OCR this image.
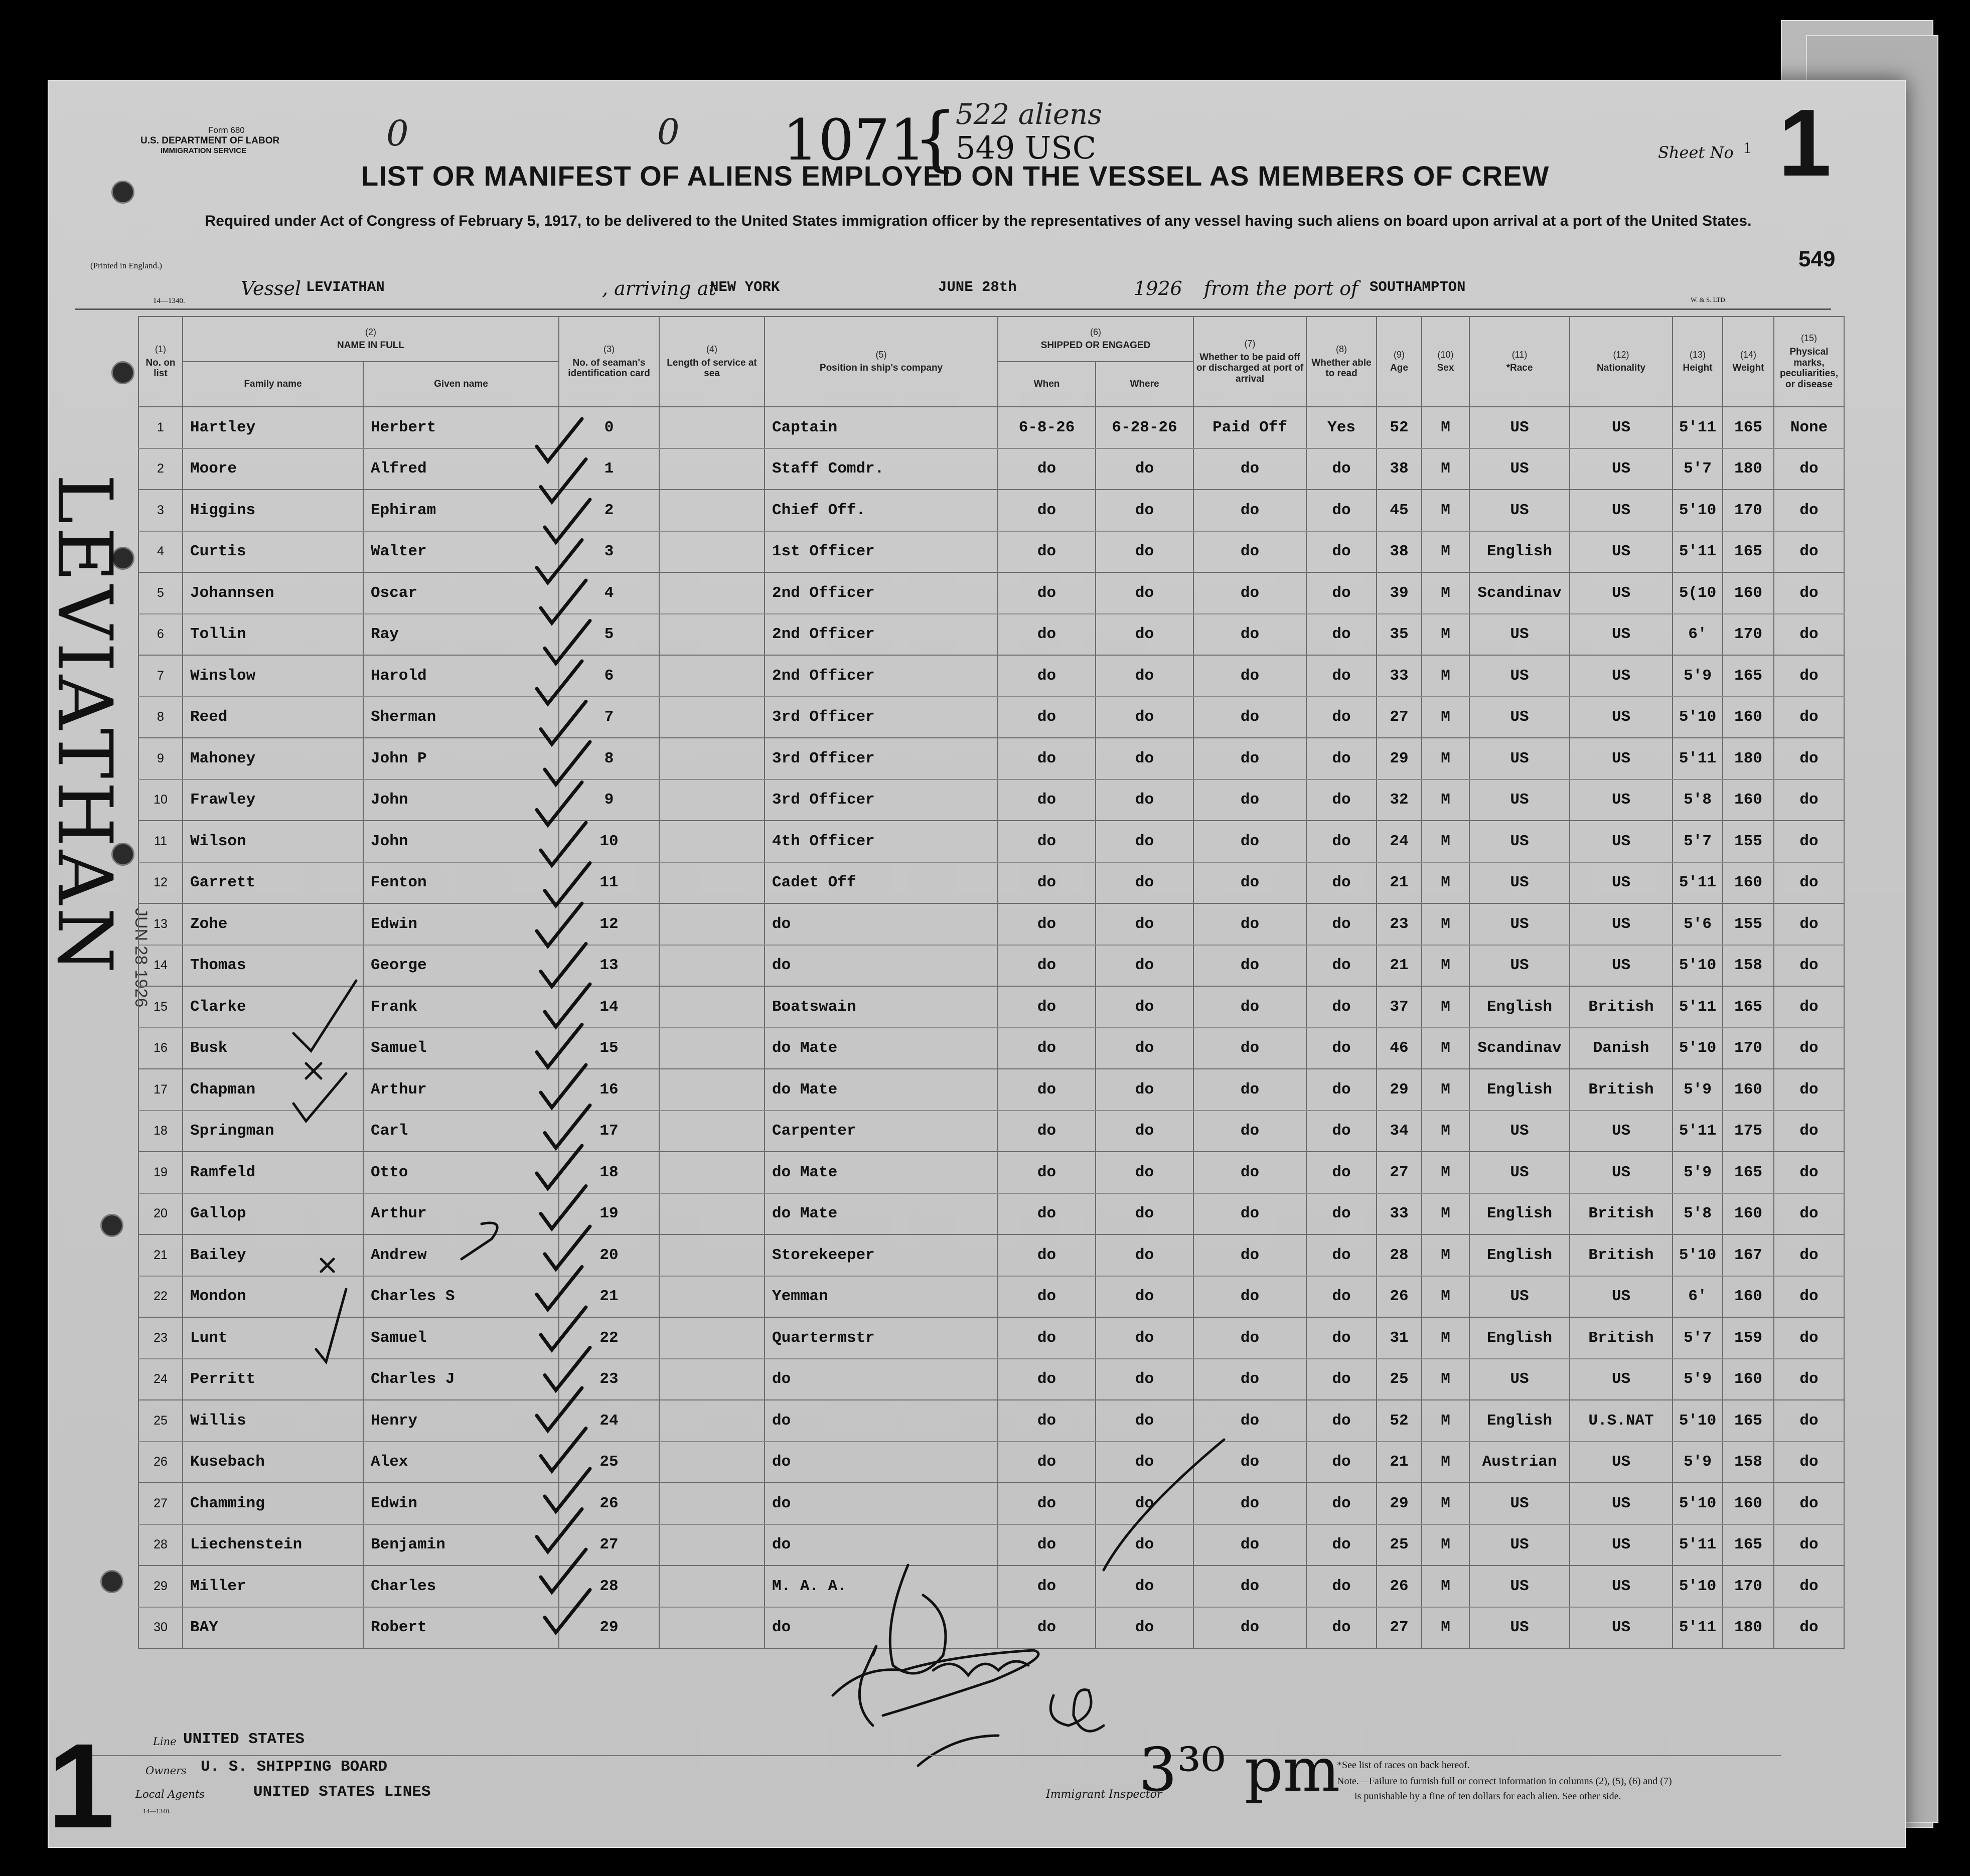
Form 680
U.S. DEPARTMENT OF LABOR
IMMIGRATION SERVICE
(Printed in England.)
14—1340.
0	0 1071
{
522 aliens
549 USC
LIST OR MANIFEST OF ALIENS EMPLOYED ON THE VESSEL AS MEMBERS OF CREW
Required under Act of Congress of February 5, 1917, to be delivered to the United States immigration officer by the representatives of any vessel having such aliens on board upon arrival at a port of the United States.
Sheet No 1 1
549
Vessel LEVIATHAN	, arriving at
NEW YORK	JUNE 28th	1926 from the port of SOUTHAMPTON
W. & S. LTD.
LEVIATHAN JUN 28 1926
(1)
No. on list	(2)
NAME IN FULL		(3)
No. of seaman's identification card	(4)
Length of service at sea	(5)
Position in ship's company	(6)
SHIPPED OR ENGAGED		(7)
Whether to be paid off or discharged at port of arrival	(8)
Whether able to read	(9)
Age	(10)
Sex	(11)
*Race	(12)
Nationality	(13)
Height	(14)
Weight	(15)
Physical marks, peculiarities, or disease
	Family name	Given name				When	Where									
1	Hartley	Herbert	0		Captain	6-8-26	6-28-26	Paid Off	Yes	52	M	US	US	5'11	165	None
2	Moore	Alfred	1		Staff Comdr.	do	do	do	do	38	M	US	US	5'7	180	do
3	Higgins	Ephiram	2		Chief Off.	do	do	do	do	45	M	US	US	5'10	170	do
4	Curtis	Walter	3		1st Officer	do	do	do	do	38	M	English	US	5'11	165	do
5	Johannsen	Oscar	4		2nd Officer	do	do	do	do	39	M	Scandinav	US	5(10	160	do
6	Tollin	Ray	5		2nd Officer	do	do	do	do	35	M	US	US	6'	170	do
7	Winslow	Harold	6		2nd Officer	do	do	do	do	33	M	US	US	5'9	165	do
8	Reed	Sherman	7		3rd Officer	do	do	do	do	27	M	US	US	5'10	160	do
9	Mahoney	John P	8		3rd Officer	do	do	do	do	29	M	US	US	5'11	180	do
10	Frawley	John	9		3rd Officer	do	do	do	do	32	M	US	US	5'8	160	do
11	Wilson	John	10		4th Officer	do	do	do	do	24	M	US	US	5'7	155	do
12	Garrett	Fenton	11		Cadet Off	do	do	do	do	21	M	US	US	5'11	160	do
13	Zohe	Edwin	12		do	do	do	do	do	23	M	US	US	5'6	155	do
14	Thomas	George	13		do	do	do	do	do	21	M	US	US	5'10	158	do
15	Clarke	Frank	14		Boatswain	do	do	do	do	37	M	English	British	5'11	165	do
16	Busk	Samuel	15		do Mate	do	do	do	do	46	M	Scandinav	Danish	5'10	170	do
17	Chapman	Arthur	16		do Mate	do	do	do	do	29	M	English	British	5'9	160	do
18	Springman	Carl	17		Carpenter	do	do	do	do	34	M	US	US	5'11	175	do
19	Ramfeld	Otto	18		do Mate	do	do	do	do	27	M	US	US	5'9	165	do
20	Gallop	Arthur	19		do Mate	do	do	do	do	33	M	English	British	5'8	160	do
21	Bailey	Andrew	20		Storekeeper	do	do	do	do	28	M	English	British	5'10	167	do
22	Mondon	Charles S	21		Yemman	do	do	do	do	26	M	US	US	6'	160	do
23	Lunt	Samuel	22		Quartermstr	do	do	do	do	31	M	English	British	5'7	159	do
24	Perritt	Charles J	23		do	do	do	do	do	25	M	US	US	5'9	160	do
25	Willis	Henry	24		do	do	do	do	do	52	M	English	U.S.NAT	5'10	165	do
26	Kusebach	Alex	25		do	do	do	do	do	21	M	Austrian	US	5'9	158	do
27	Chamming	Edwin	26		do	do	do	do	do	29	M	US	US	5'10	160	do
28	Liechenstein	Benjamin	27		do	do	do	do	do	25	M	US	US	5'11	165	do
29	Miller	Charles	28		M. A. A.	do	do	do	do	26	M	US	US	5'10	170	do
30	BAY	Robert	29		do	do	do	do	do	27	M	US	US	5'11	180	do
1	Line UNITED STATES
Owners U. S. SHIPPING BOARD
Local Agents	UNITED STATES LINES
14—1340.
Immigrant Inspector
3³⁰ pm
*See list of races on back hereof.
Note.—Failure to furnish full or correct information in columns (2), (5), (6) and (7)
is punishable by a fine of ten dollars for each alien. See other side.
